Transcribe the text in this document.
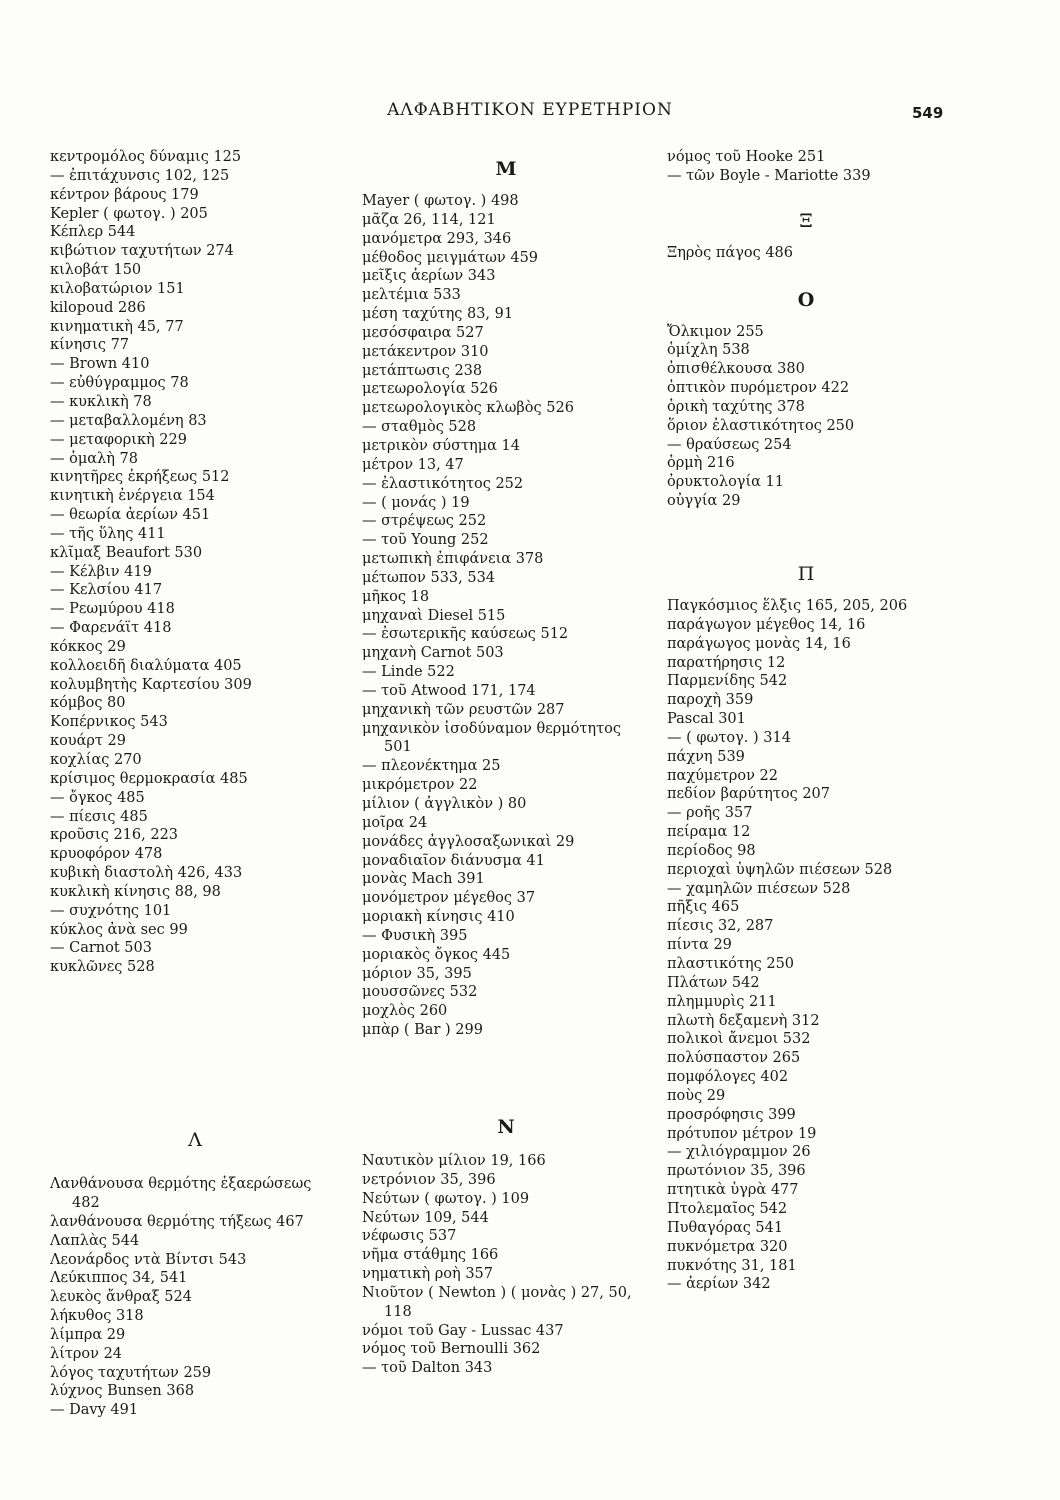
ΑΛΦΑΒΗΤΙΚΟΝ ΕΥΡΕΤΗΡΙΟΝ	549
κεντρομόλος δύναμις 125
— ἐπιτάχυνσις 102, 125
κέντρον βάρους 179
Kepler ( φωτογ. ) 205
Κέπλερ 544
κιβώτιον ταχυτήτων 274
κιλοβάτ 150
κιλοβατώριον 151
kilopoud 286
κινηματικὴ 45, 77
κίνησις 77
— Brown 410
— εὐθύγραμμος 78
— κυκλικὴ 78
— μεταβαλλομένη 83
— μεταφορικὴ 229
— ὁμαλὴ 78
κινητῆρες ἐκρήξεως 512
κινητικὴ ἐνέργεια 154
— θεωρία ἀερίων 451
— τῆς ὕλης 411
κλῖμαξ Beaufort 530
— Κέλβιν 419
— Κελσίου 417
— Ρεωμύρου 418
— Φαρενάϊτ 418
κόκκος 29
κολλοειδῆ διαλύματα 405
κολυμβητὴς Καρτεσίου 309
κόμβος 80
Κοπέρνικος 543
κουάρτ 29
κοχλίας 270
κρίσιμος θερμοκρασία 485
— ὄγκος 485
— πίεσις 485
κροῦσις 216, 223
κρυοφόρον 478
κυβικὴ διαστολὴ 426, 433
κυκλικὴ κίνησις 88, 98
— συχνότης 101
κύκλος ἀνὰ sec 99
— Carnot 503
κυκλῶνες 528
Λ
Λανθάνουσα θερμότης ἐξαερώσεως 482
λανθάνουσα θερμότης τήξεως 467
Λαπλὰς 544
Λεονάρδος ντὰ Βίντσι 543
Λεύκιππος 34, 541
λευκὸς ἄνθραξ 524
λήκυθος 318
λίμπρα 29
λίτρον 24
λόγος ταχυτήτων 259
λύχνος Bunsen 368
— Davy 491
Μ
Mayer ( φωτογ. ) 498
μᾶζα 26, 114, 121
μανόμετρα 293, 346
μέθοδος μειγμάτων 459
μεῖξις ἀερίων 343
μελτέμια 533
μέση ταχύτης 83, 91
μεσόσφαιρα 527
μετάκεντρον 310
μετάπτωσις 238
μετεωρολογία 526
μετεωρολογικὸς κλωβὸς 526
— σταθμὸς 528
μετρικὸν σύστημα 14
μέτρον 13, 47
— ἐλαστικότητος 252
— ( μονάς ) 19
— στρέψεως 252
— τοῦ Young 252
μετωπικὴ ἐπιφάνεια 378
μέτωπον 533, 534
μῆκος 18
μηχαναὶ Diesel 515
— ἐσωτερικῆς καύσεως 512
μηχανὴ Carnot 503
— Linde 522
— τοῦ Atwood 171, 174
μηχανικὴ τῶν ρευστῶν 287
μηχανικὸν ἰσοδύναμον θερμότητος 501
— πλεονέκτημα 25
μικρόμετρον 22
μίλιον ( ἀγγλικὸν ) 80
μοῖρα 24
μονάδες ἀγγλοσαξωνικαὶ 29
μοναδιαῖον διάνυσμα 41
μονὰς Mach 391
μονόμετρον μέγεθος 37
μοριακὴ κίνησις 410
— Φυσικὴ 395
μοριακὸς ὄγκος 445
μόριον 35, 395
μουσσῶνες 532
μοχλὸς 260
μπὰρ ( Bar ) 299
Ν
Ναυτικὸν μίλιον 19, 166
νετρόνιον 35, 396
Νεύτων ( φωτογ. ) 109
Νεύτων 109, 544
νέφωσις 537
νῆμα στάθμης 166
νηματικὴ ροὴ 357
Νιοῦτον ( Newton ) ( μονὰς ) 27, 50, 118
νόμοι τοῦ Gay - Lussac 437
νόμος τοῦ Bernoulli 362
— τοῦ Dalton 343
νόμος τοῦ Hooke 251
— τῶν Boyle - Mariotte 339
Ξ
Ξηρὸς πάγος 486
Ο
Ὄλκιμον 255
ὁμίχλη 538
ὀπισθέλκουσα 380
ὀπτικὸν πυρόμετρον 422
ὁρικὴ ταχύτης 378
ὅριον ἐλαστικότητος 250
— θραύσεως 254
ὁρμὴ 216
ὀρυκτολογία 11
οὐγγία 29
Π
Παγκόσμιος ἕλξις 165, 205, 206
παράγωγον μέγεθος 14, 16
παράγωγος μονὰς 14, 16
παρατήρησις 12
Παρμενίδης 542
παροχὴ 359
Pascal 301
— ( φωτογ. ) 314
πάχνη 539
παχύμετρον 22
πεδίον βαρύτητος 207
— ροῆς 357
πείραμα 12
περίοδος 98
περιοχαὶ ὑψηλῶν πιέσεων 528
— χαμηλῶν πιέσεων 528
πῆξις 465
πίεσις 32, 287
πίντα 29
πλαστικότης 250
Πλάτων 542
πλημμυρὶς 211
πλωτὴ δεξαμενὴ 312
πολικοὶ ἄνεμοι 532
πολύσπαστον 265
πομφόλογες 402
ποὺς 29
προσρόφησις 399
πρότυπον μέτρον 19
— χιλιόγραμμον 26
πρωτόνιον 35, 396
πτητικὰ ὑγρὰ 477
Πτολεμαῖος 542
Πυθαγόρας 541
πυκνόμετρα 320
πυκνότης 31, 181
— ἀερίων 342
